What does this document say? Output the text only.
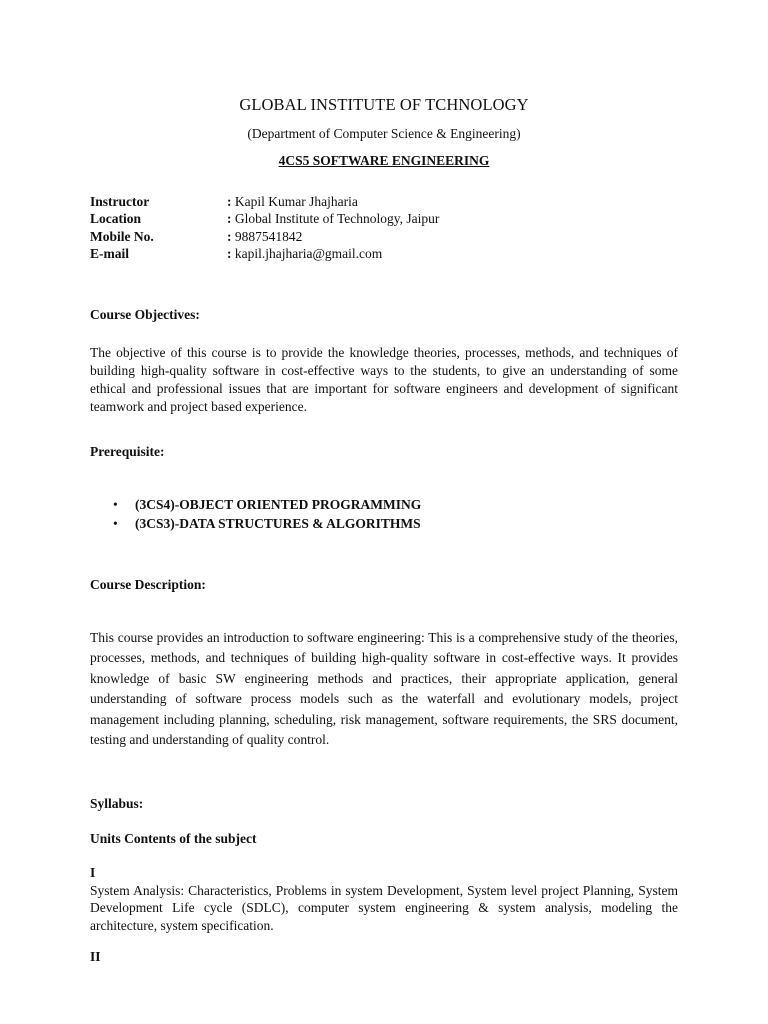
GLOBAL INSTITUTE OF TCHNOLOGY
(Department of Computer Science & Engineering)
4CS5 SOFTWARE ENGINEERING
Instructor	: Kapil Kumar Jhajharia
Location	: Global Institute of Technology, Jaipur
Mobile No.	: 9887541842
E-mail	: kapil.jhajharia@gmail.com
Course Objectives:
The objective of this course is to provide the knowledge theories, processes, methods, and techniques of building high-quality software in cost-effective ways to the students, to give an understanding of some ethical and professional issues that are important for software engineers and development of significant teamwork and project based experience.
Prerequisite:
• (3CS4)-OBJECT ORIENTED PROGRAMMING
• (3CS3)-DATA STRUCTURES & ALGORITHMS
Course Description:
This course provides an introduction to software engineering: This is a comprehensive study of the theories, processes, methods, and techniques of building high-quality software in cost-effective ways. It provides knowledge of basic SW engineering methods and practices, their appropriate application, general understanding of software process models such as the waterfall and evolutionary models, project management including planning, scheduling, risk management, software requirements, the SRS document, testing and understanding of quality control.
Syllabus:
Units Contents of the subject
I
System Analysis: Characteristics, Problems in system Development, System level project Planning, System Development Life cycle (SDLC), computer system engineering & system analysis, modeling the architecture, system specification.
II
